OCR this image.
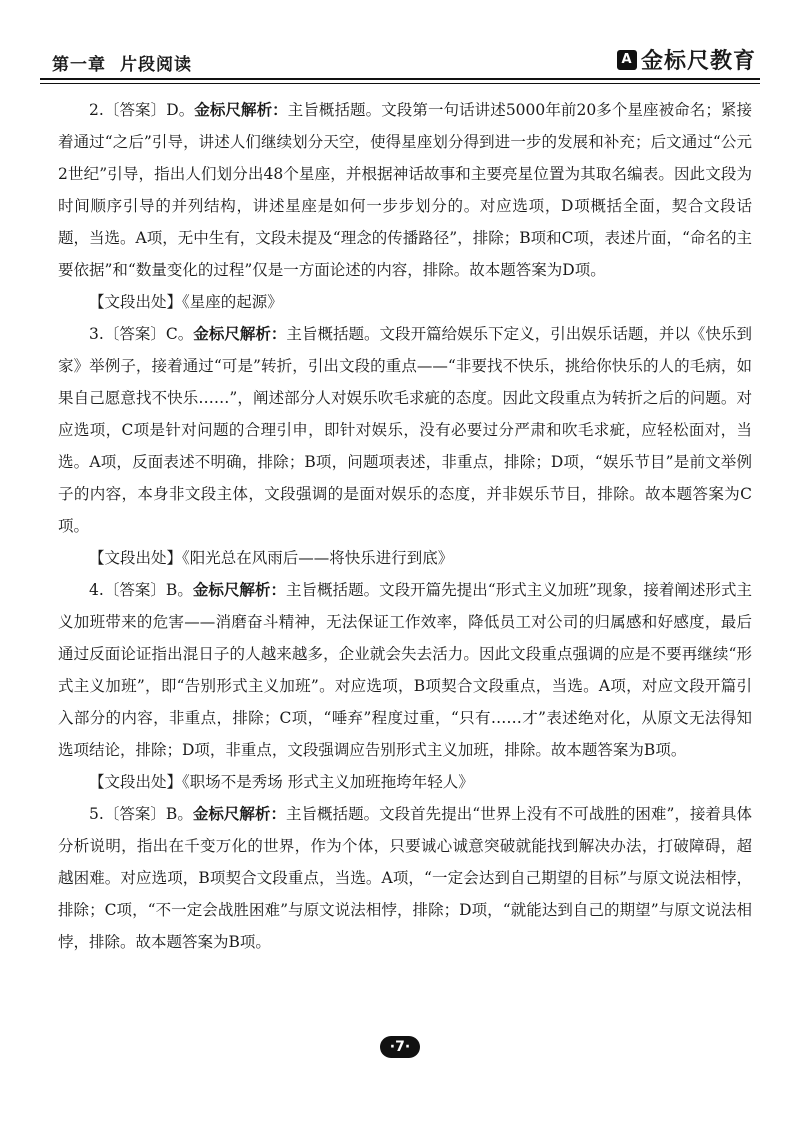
第一章 片段阅读	A 金标尺教育

2.〔答案〕D。金标尺解析：主旨概括题。文段第一句话讲述5000年前20多个星座被命名；紧接着通过“之后”引导，讲述人们继续划分天空，使得星座划分得到进一步的发展和补充；后文通过“公元2世纪”引导，指出人们划分出48个星座，并根据神话故事和主要亮星位置为其取名编表。因此文段为时间顺序引导的并列结构，讲述星座是如何一步步划分的。对应选项，D项概括全面，契合文段话题，当选。A项，无中生有，文段未提及“理念的传播路径”，排除；B项和C项，表述片面，“命名的主要依据”和“数量变化的过程”仅是一方面论述的内容，排除。故本题答案为D项。

【文段出处】《星座的起源》

3.〔答案〕C。金标尺解析：主旨概括题。文段开篇给娱乐下定义，引出娱乐话题，并以《快乐到家》举例子，接着通过“可是”转折，引出文段的重点——“非要找不快乐，挑给你快乐的人的毛病，如果自己愿意找不快乐……”，阐述部分人对娱乐吹毛求疵的态度。因此文段重点为转折之后的问题。对应选项，C项是针对问题的合理引申，即针对娱乐，没有必要过分严肃和吹毛求疵，应轻松面对，当选。A项，反面表述不明确，排除；B项，问题项表述，非重点，排除；D项，“娱乐节目”是前文举例子的内容，本身非文段主体，文段强调的是面对娱乐的态度，并非娱乐节目，排除。故本题答案为C项。

【文段出处】《阳光总在风雨后——将快乐进行到底》

4.〔答案〕B。金标尺解析：主旨概括题。文段开篇先提出“形式主义加班”现象，接着阐述形式主义加班带来的危害——消磨奋斗精神，无法保证工作效率，降低员工对公司的归属感和好感度，最后通过反面论证指出混日子的人越来越多，企业就会失去活力。因此文段重点强调的应是不要再继续“形式主义加班”，即“告别形式主义加班”。对应选项，B项契合文段重点，当选。A项，对应文段开篇引入部分的内容，非重点，排除；C项，“唾弃”程度过重，“只有……才”表述绝对化，从原文无法得知选项结论，排除；D项，非重点，文段强调应告别形式主义加班，排除。故本题答案为B项。

【文段出处】《职场不是秀场 形式主义加班拖垮年轻人》

5.〔答案〕B。金标尺解析：主旨概括题。文段首先提出“世界上没有不可战胜的困难”，接着具体分析说明，指出在千变万化的世界，作为个体，只要诚心诚意突破就能找到解决办法，打破障碍，超越困难。对应选项，B项契合文段重点，当选。A项，“一定会达到自己期望的目标”与原文说法相悖，排除；C项，“不一定会战胜困难”与原文说法相悖，排除；D项，“就能达到自己的期望”与原文说法相悖，排除。故本题答案为B项。

·7·
